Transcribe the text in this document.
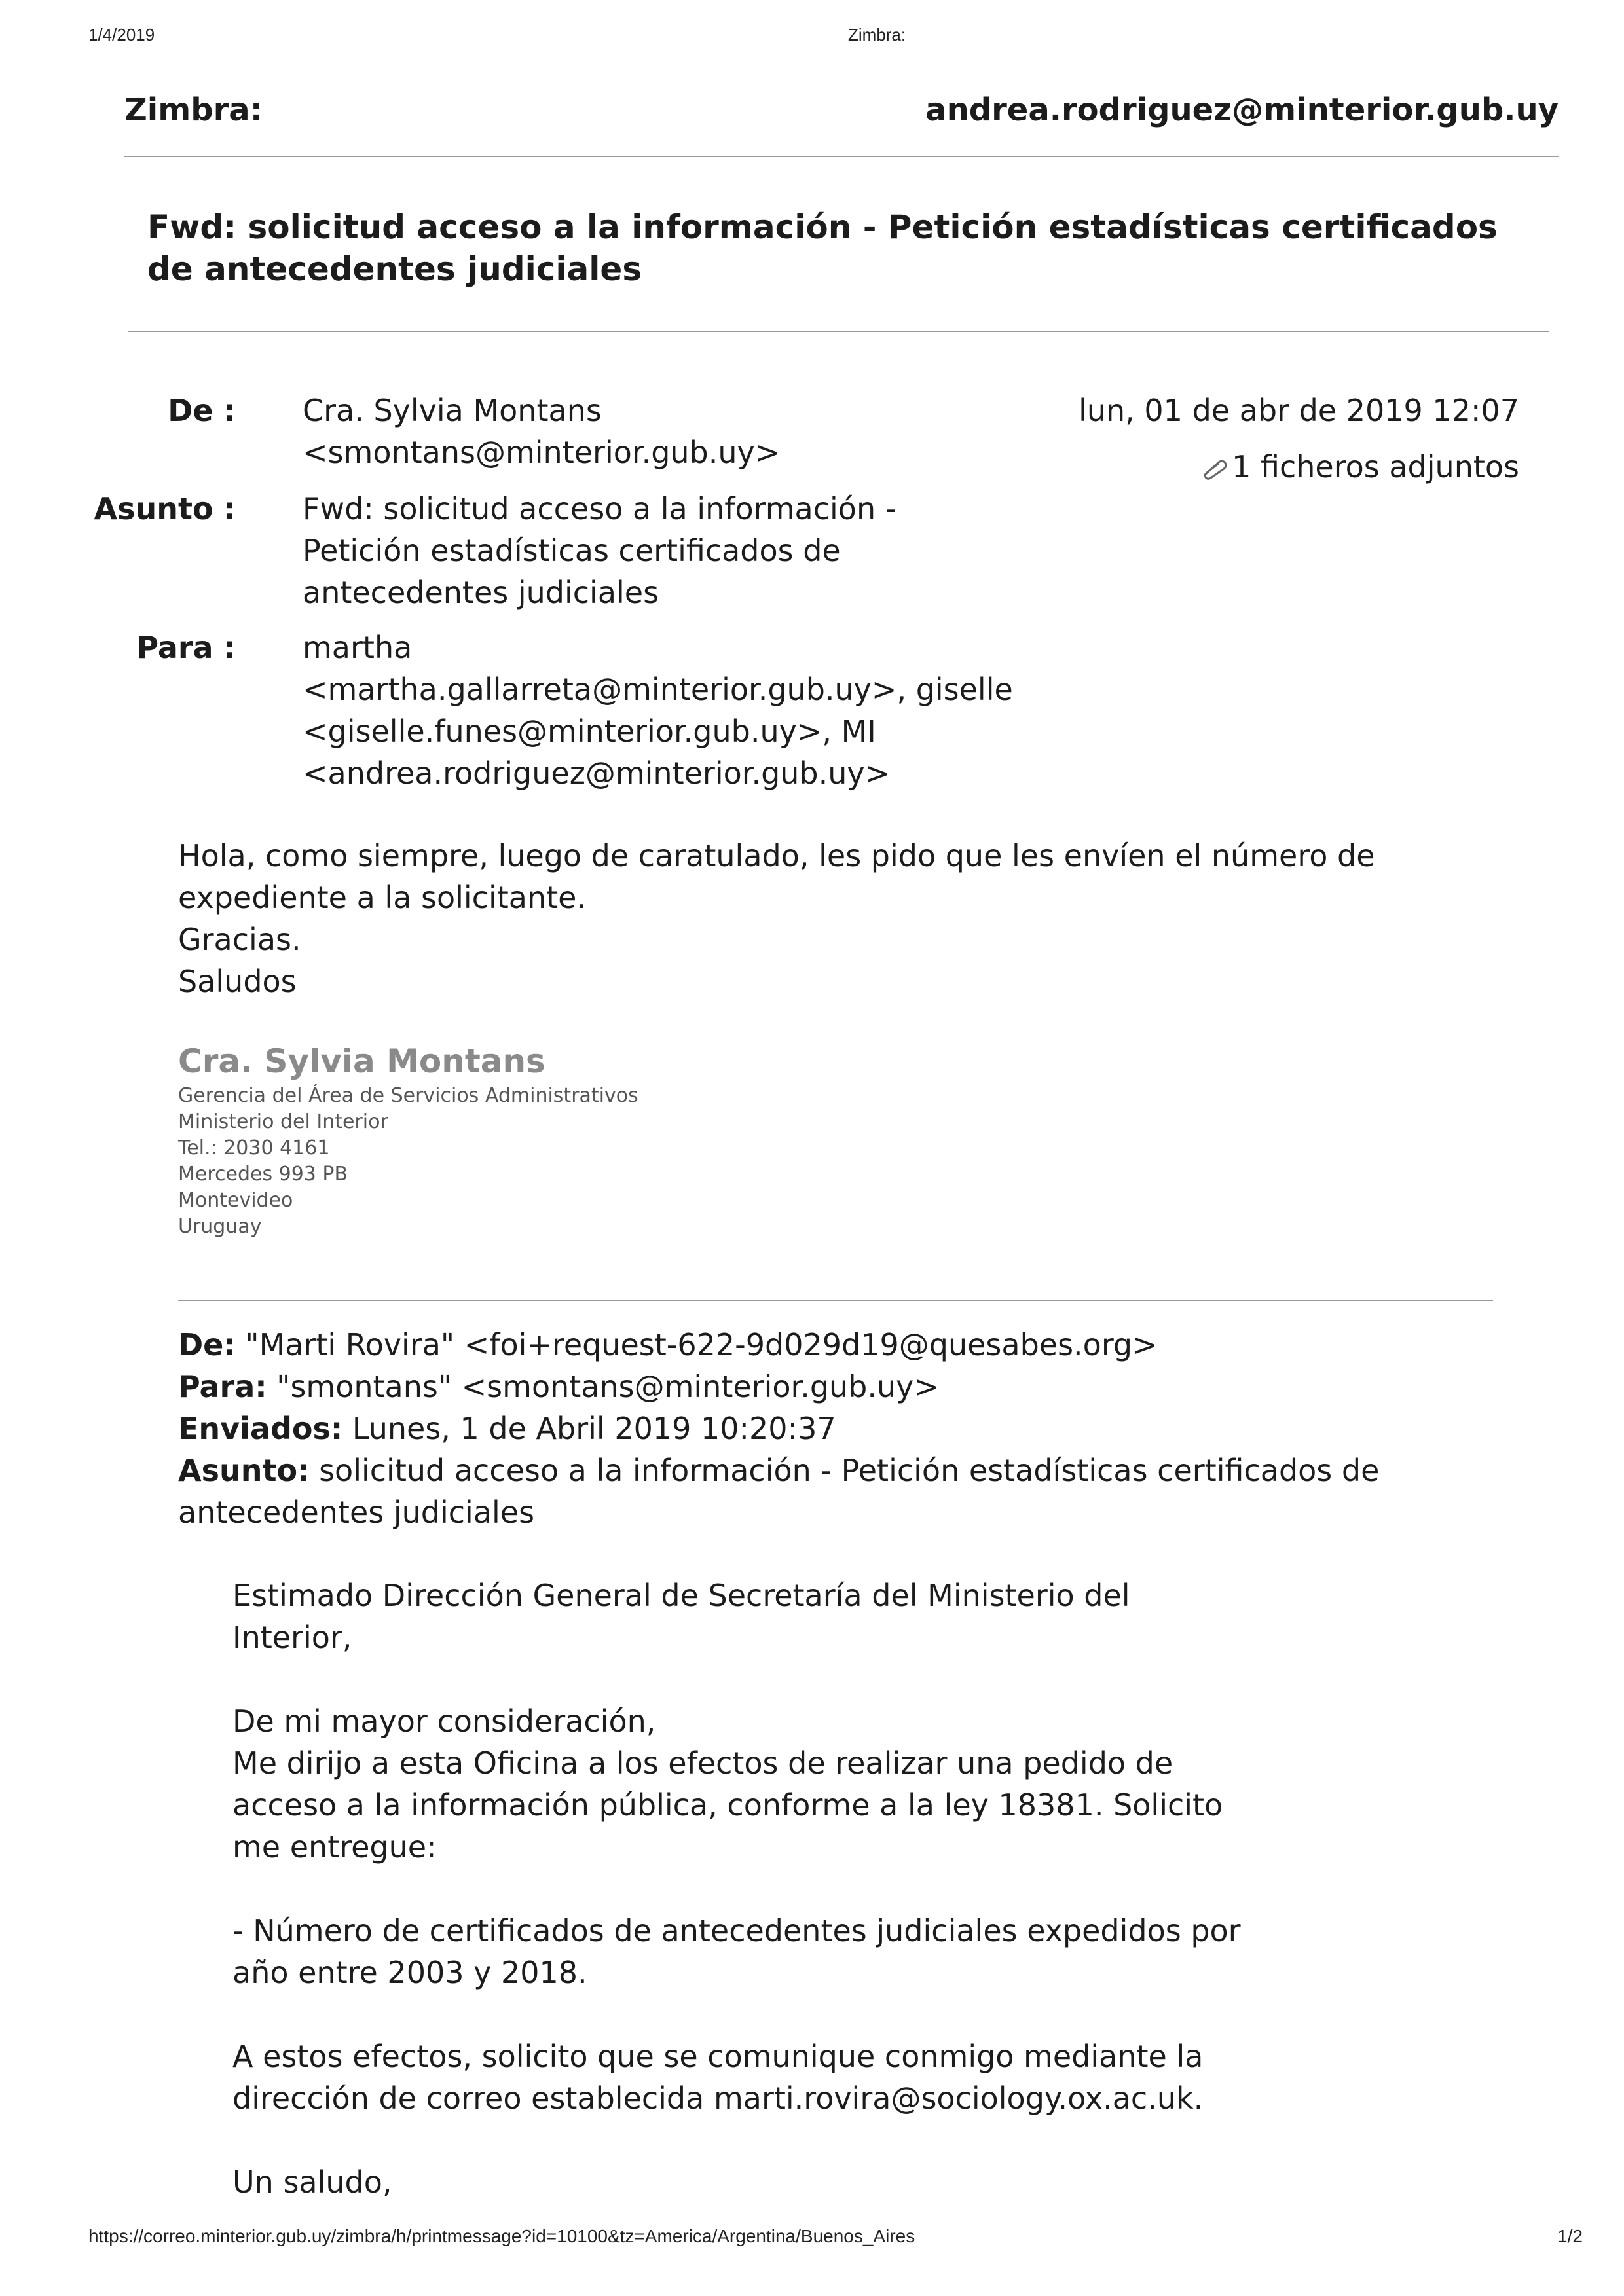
1/4/2019	Zimbra:
Zimbra:	andrea.rodriguez@minterior.gub.uy
Fwd: solicitud acceso a la información - Petición estadísticas certificados de antecedentes judiciales
De : Cra. Sylvia Montans
<smontans@minterior.gub.uy>
Asunto : Fwd: solicitud acceso a la información -
Petición estadísticas certificados de
antecedentes judiciales
Para : martha
<martha.gallarreta@minterior.gub.uy>, giselle
<giselle.funes@minterior.gub.uy>, MI
<andrea.rodriguez@minterior.gub.uy>
lun, 01 de abr de 2019 12:07
1 ficheros adjuntos
Hola, como siempre, luego de caratulado, les pido que les envíen el número de
expediente a la solicitante.
Gracias.
Saludos
Cra. Sylvia Montans
Gerencia del Área de Servicios Administrativos
Ministerio del Interior
Tel.: 2030 4161
Mercedes 993 PB
Montevideo
Uruguay
De: "Marti Rovira" <foi+request-622-9d029d19@quesabes.org>
Para: "smontans" <smontans@minterior.gub.uy>
Enviados: Lunes, 1 de Abril 2019 10:20:37
Asunto: solicitud acceso a la información - Petición estadísticas certificados de
antecedentes judiciales
Estimado Dirección General de Secretaría del Ministerio del
Interior,
De mi mayor consideración,
Me dirijo a esta Oficina a los efectos de realizar una pedido de
acceso a la información pública, conforme a la ley 18381. Solicito
me entregue:
- Número de certificados de antecedentes judiciales expedidos por
año entre 2003 y 2018.
A estos efectos, solicito que se comunique conmigo mediante la
dirección de correo establecida marti.rovira@sociology.ox.ac.uk.
Un saludo,
https://correo.minterior.gub.uy/zimbra/h/printmessage?id=10100&tz=America/Argentina/Buenos_Aires	1/2
